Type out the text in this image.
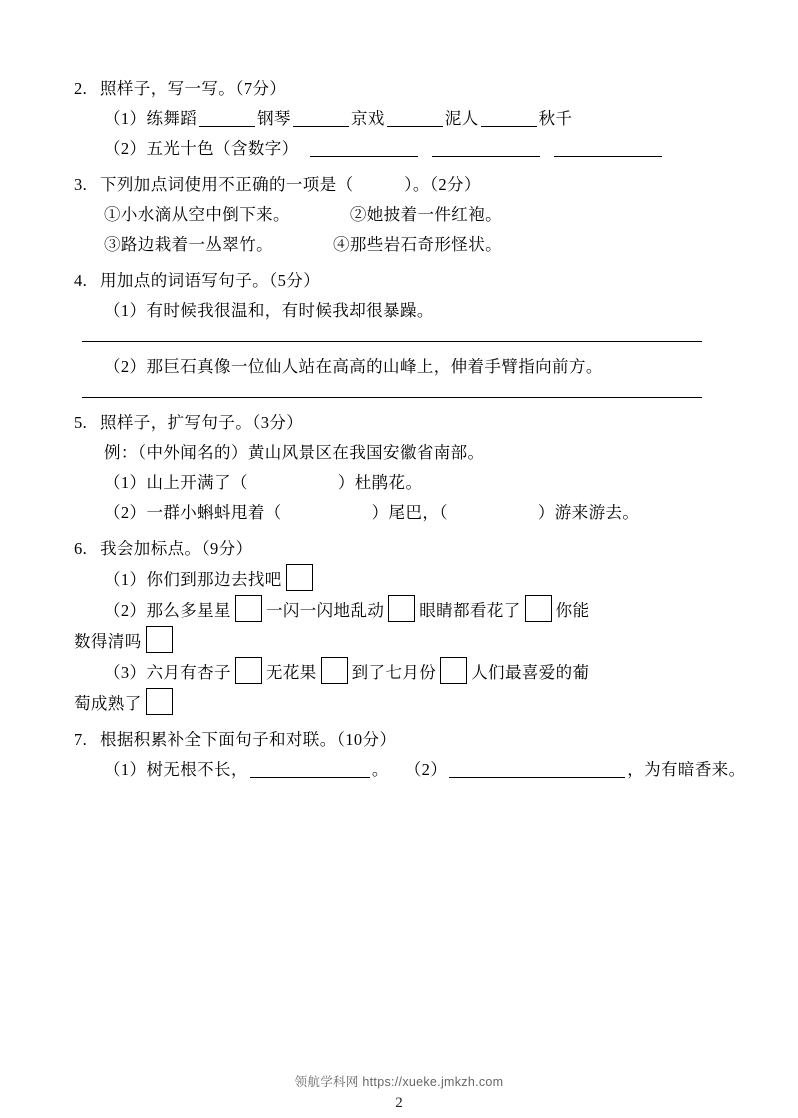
2. 照样子，写一写。（7分）
（1）练舞蹈	钢琴	京戏	泥人	秋千
（2）五光十色（含数字）
3. 下列加点词使用不正确的一项是（　　　）。（2分）
①小水滴从空中倒下来。	②她披着一件红袍。
③路边栽着一丛翠竹。	④那些岩石奇形怪状。
4. 用加点的词语写句子。（5分）
（1）有时候我很温和，有时候我却很暴躁。
（2）那巨石真像一位仙人站在高高的山峰上，伸着手臂指向前方。
5. 照样子，扩写句子。（3分）
例：（中外闻名的）黄山风景区在我国安徽省南部。
（1）山上开满了（	）杜鹃花。
（2）一群小蝌蚪甩着（	）尾巴，（	）游来游去。
6. 我会加标点。（9分）
（1）你们到那边去找吧
（2）那么多星星 一闪一闪地乱动 眼睛都看花了 你能
数得清吗
（3）六月有杏子 无花果 到了七月份 人们最喜爱的葡
萄成熟了
7. 根据积累补全下面句子和对联。（10分）
（1）树无根不长，	。 （2）	，为有暗香来。
领航学科网 https://xueke.jmkzh.com
2
